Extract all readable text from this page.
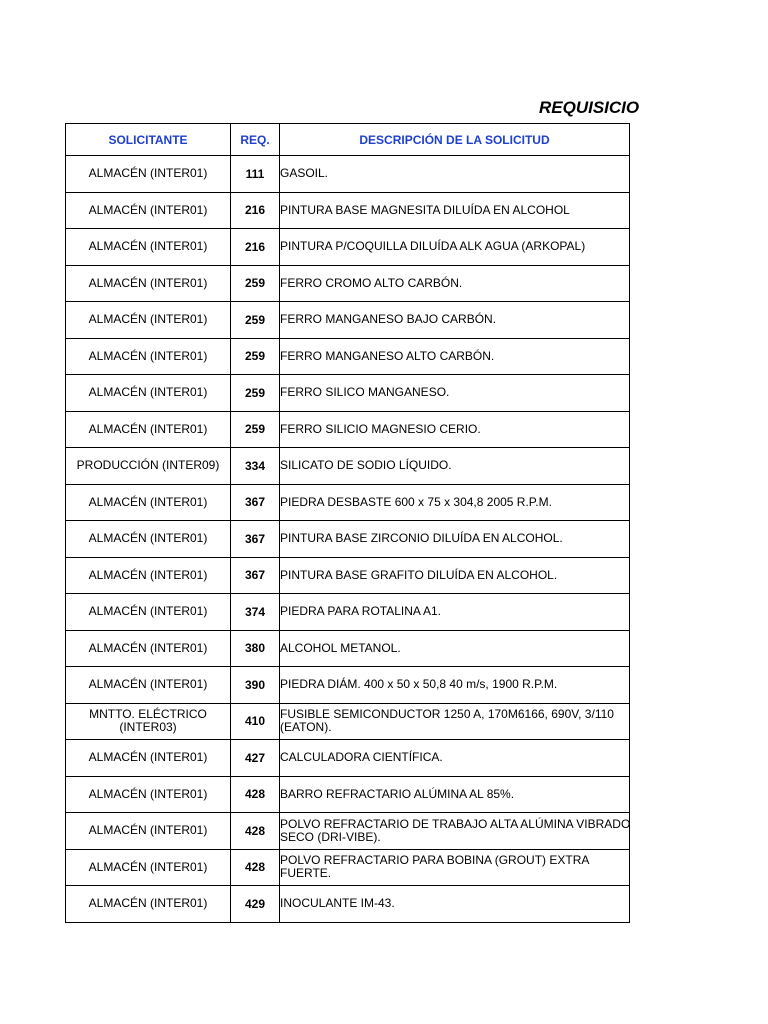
REQUISICIO
SOLICITANTE	REQ.	DESCRIPCIÓN DE LA SOLICITUD
ALMACÉN (INTER01)	111	GASOIL.

ALMACÉN (INTER01)	216	PINTURA BASE MAGNESITA DILUÍDA EN ALCOHOL

ALMACÉN (INTER01)	216	PINTURA P/COQUILLA DILUÍDA ALK AGUA (ARKOPAL)

ALMACÉN (INTER01)	259	FERRO CROMO ALTO CARBÓN.

ALMACÉN (INTER01)	259	FERRO MANGANESO BAJO CARBÓN.

ALMACÉN (INTER01)	259	FERRO MANGANESO ALTO CARBÓN.

ALMACÉN (INTER01)	259	FERRO SILICO MANGANESO.

ALMACÉN (INTER01)	259	FERRO SILICIO MAGNESIO CERIO.

PRODUCCIÓN (INTER09)	334	SILICATO DE SODIO LÍQUIDO.

ALMACÉN (INTER01)	367	PIEDRA DESBASTE 600 x 75 x 304,8 2005 R.P.M.

ALMACÉN (INTER01)	367	PINTURA BASE ZIRCONIO DILUÍDA EN ALCOHOL.

ALMACÉN (INTER01)	367	PINTURA BASE GRAFITO DILUÍDA EN ALCOHOL.

ALMACÉN (INTER01)	374	PIEDRA PARA ROTALINA A1.

ALMACÉN (INTER01)	380	ALCOHOL METANOL.

ALMACÉN (INTER01)	390	PIEDRA DIÁM. 400 x 50 x 50,8 40 m/s, 1900 R.P.M.

MNTTO. ELÉCTRICO (INTER03)	410	FUSIBLE SEMICONDUCTOR 1250 A, 170M6166, 690V, 3/110 (EATON).

ALMACÉN (INTER01)	427	CALCULADORA CIENTÍFICA.

ALMACÉN (INTER01)	428	BARRO REFRACTARIO ALÚMINA AL 85%.

ALMACÉN (INTER01)	428	POLVO REFRACTARIO DE TRABAJO ALTA ALÚMINA VIBRADO SECO (DRI-VIBE).

ALMACÉN (INTER01)	428	POLVO REFRACTARIO PARA BOBINA (GROUT) EXTRA FUERTE.

ALMACÉN (INTER01)	429	INOCULANTE IM-43.
